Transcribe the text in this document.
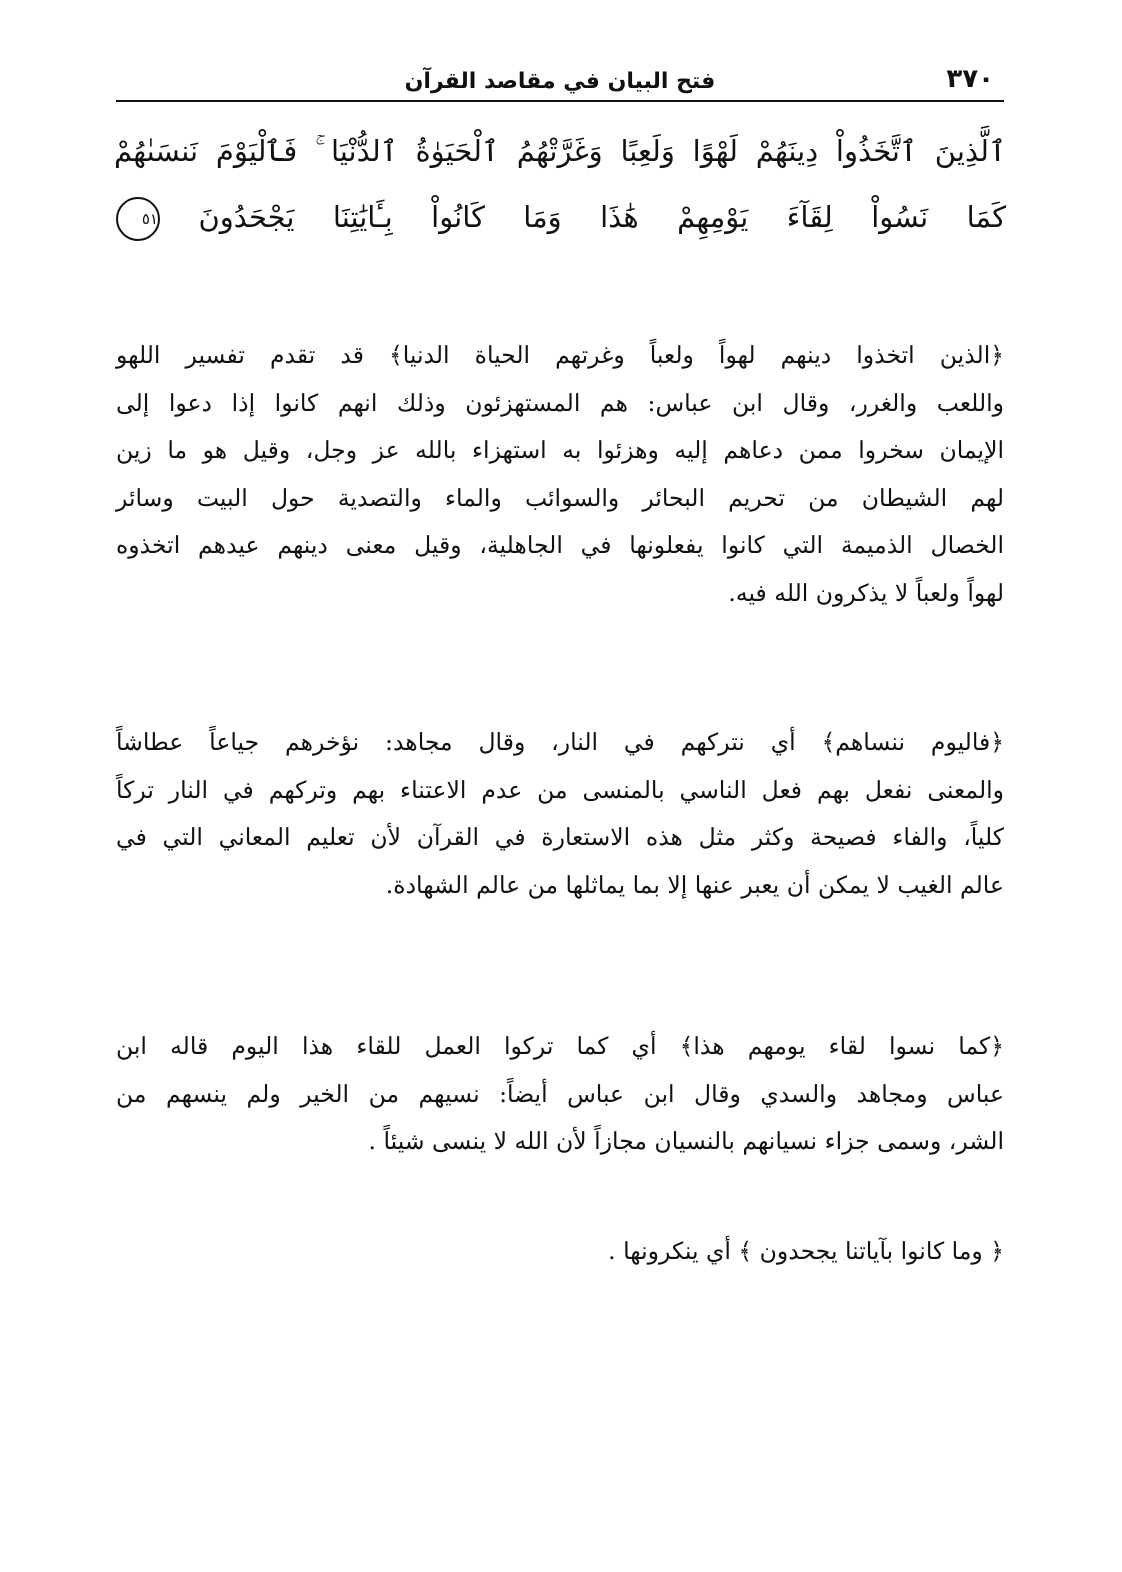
٣٧٠
فتح البيان في مقاصد القرآن
ٱلَّذِينَ ٱتَّخَذُواْ دِينَهُمْ لَهْوًا وَلَعِبًا وَغَرَّتْهُمُ ٱلْحَيَوٰةُ ٱلدُّنْيَا ۚ فَٱلْيَوْمَ نَنسَىٰهُمْ
كَمَا نَسُواْ لِقَآءَ يَوْمِهِمْ هَٰذَا وَمَا كَانُواْ بِـَٔايَٰتِنَا يَجْحَدُونَ ٥١
﴿الذين اتخذوا دينهم لهواً ولعباً وغرتهم الحياة الدنيا﴾ قد تقدم تفسير اللهو
واللعب والغرر، وقال ابن عباس: هم المستهزئون وذلك انهم كانوا إذا دعوا إلى
الإيمان سخروا ممن دعاهم إليه وهزئوا به استهزاء بالله عز وجل، وقيل هو ما زين
لهم الشيطان من تحريم البحائر والسوائب والماء والتصدية حول البيت وسائر
الخصال الذميمة التي كانوا يفعلونها في الجاهلية، وقيل معنى دينهم عيدهم اتخذوه
لهواً ولعباً لا يذكرون الله فيه.
﴿فاليوم ننساهم﴾ أي نتركهم في النار، وقال مجاهد: نؤخرهم جياعاً عطاشاً
والمعنى نفعل بهم فعل الناسي بالمنسى من عدم الاعتناء بهم وتركهم في النار تركاً
كلياً، والفاء فصيحة وكثر مثل هذه الاستعارة في القرآن لأن تعليم المعاني التي في
عالم الغيب لا يمكن أن يعبر عنها إلا بما يماثلها من عالم الشهادة.
﴿كما نسوا لقاء يومهم هذا﴾ أي كما تركوا العمل للقاء هذا اليوم قاله ابن
عباس ومجاهد والسدي وقال ابن عباس أيضاً: نسيهم من الخير ولم ينسهم من
الشر، وسمى جزاء نسيانهم بالنسيان مجازاً لأن الله لا ينسى شيئاً .
﴿ وما كانوا بآياتنا يجحدون ﴾ أي ينكرونها .
